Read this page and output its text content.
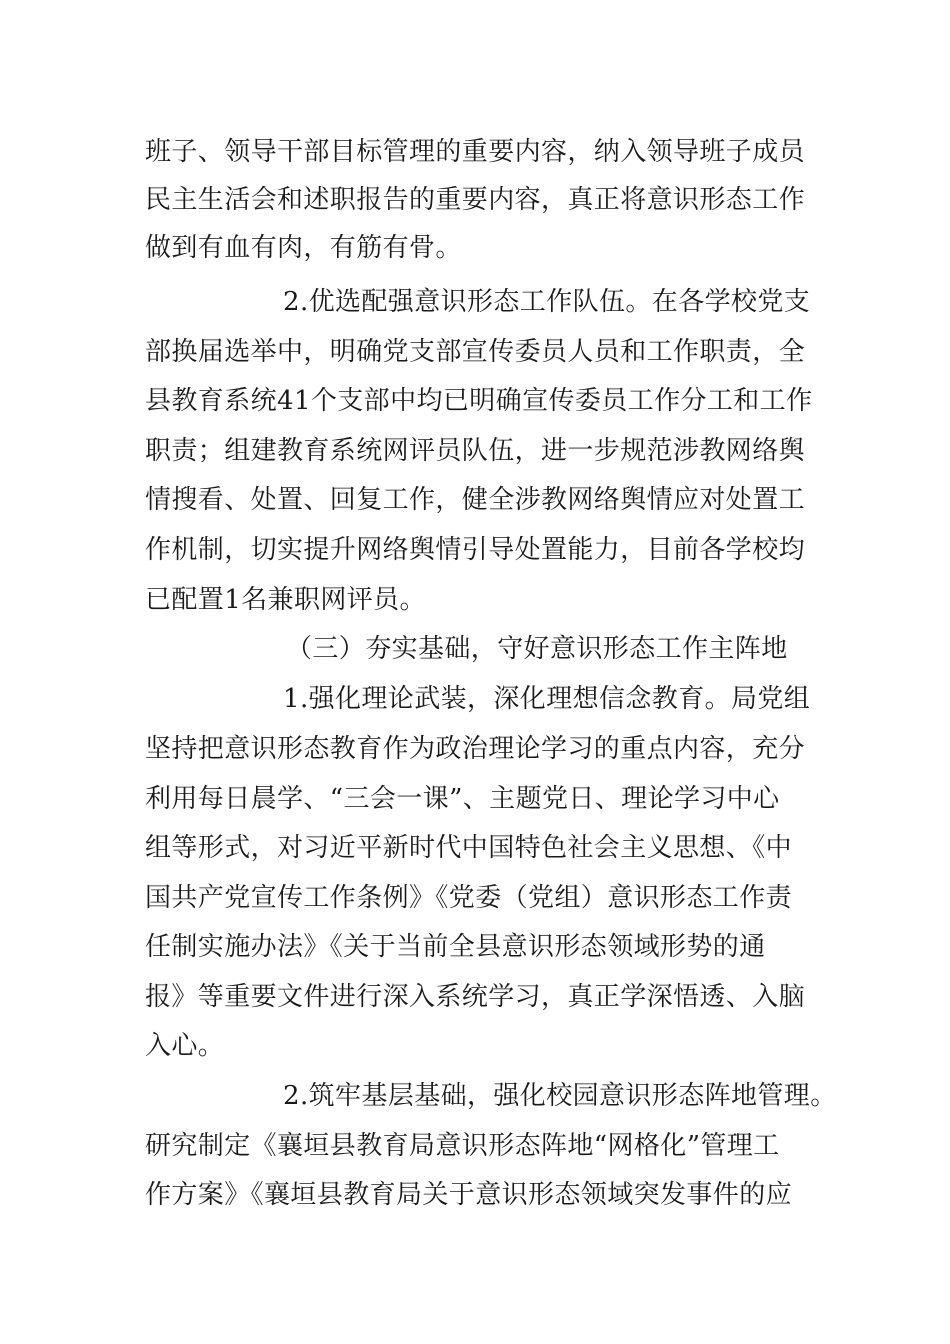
班子、领导干部目标管理的重要内容，纳入领导班子成员
民主生活会和述职报告的重要内容，真正将意识形态工作
做到有血有肉，有筋有骨。
2.优选配强意识形态工作队伍。在各学校党支
部换届选举中，明确党支部宣传委员人员和工作职责，全
县教育系统41个支部中均已明确宣传委员工作分工和工作
职责；组建教育系统网评员队伍，进一步规范涉教网络舆
情搜看、处置、回复工作，健全涉教网络舆情应对处置工
作机制，切实提升网络舆情引导处置能力，目前各学校均
已配置1名兼职网评员。
（三）夯实基础，守好意识形态工作主阵地
1.强化理论武装，深化理想信念教育。局党组
坚持把意识形态教育作为政治理论学习的重点内容，充分
利用每日晨学、“三会一课”、主题党日、理论学习中心
组等形式，对习近平新时代中国特色社会主义思想、《中
国共产党宣传工作条例》《党委（党组）意识形态工作责
任制实施办法》《关于当前全县意识形态领域形势的通
报》等重要文件进行深入系统学习，真正学深悟透、入脑
入心。
2.筑牢基层基础，强化校园意识形态阵地管理。
研究制定《襄垣县教育局意识形态阵地“网格化”管理工
作方案》《襄垣县教育局关于意识形态领域突发事件的应
